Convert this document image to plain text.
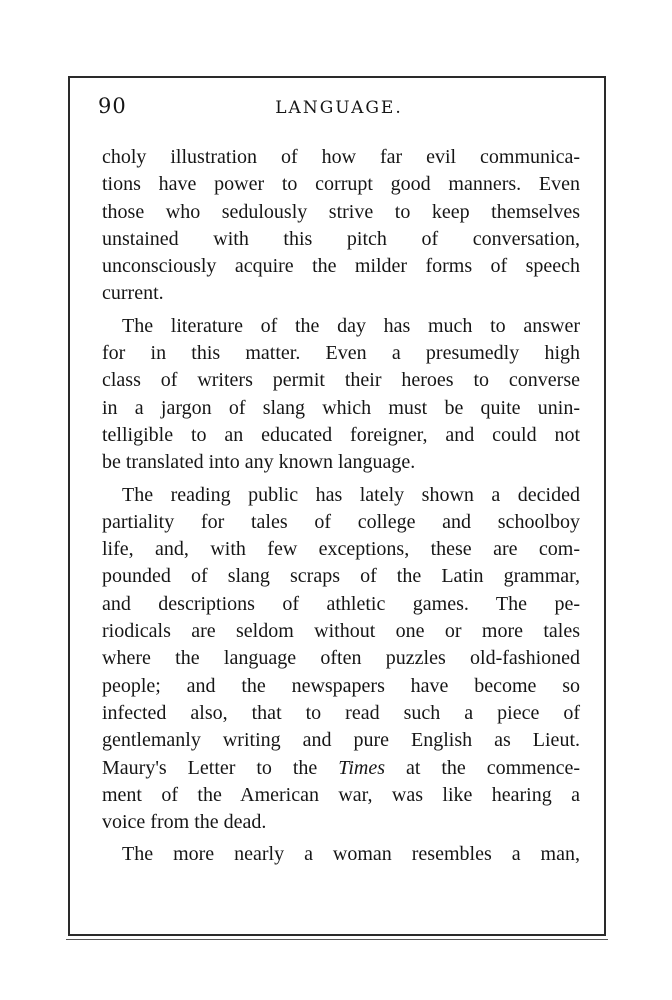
90	LANGUAGE.
choly illustration of how far evil communica-
tions have power to corrupt good manners. Even
those who sedulously strive to keep themselves
unstained with this pitch of conversation,
unconsciously acquire the milder forms of speech
current.
The literature of the day has much to answer
for in this matter. Even a presumedly high
class of writers permit their heroes to converse
in a jargon of slang which must be quite unin-
telligible to an educated foreigner, and could not
be translated into any known language.
The reading public has lately shown a decided
partiality for tales of college and schoolboy
life, and, with few exceptions, these are com-
pounded of slang scraps of the Latin grammar,
and descriptions of athletic games. The pe-
riodicals are seldom without one or more tales
where the language often puzzles old-fashioned
people; and the newspapers have become so
infected also, that to read such a piece of
gentlemanly writing and pure English as Lieut.
Maury's Letter to the Times at the commence-
ment of the American war, was like hearing a
voice from the dead.
The more nearly a woman resembles a man,
